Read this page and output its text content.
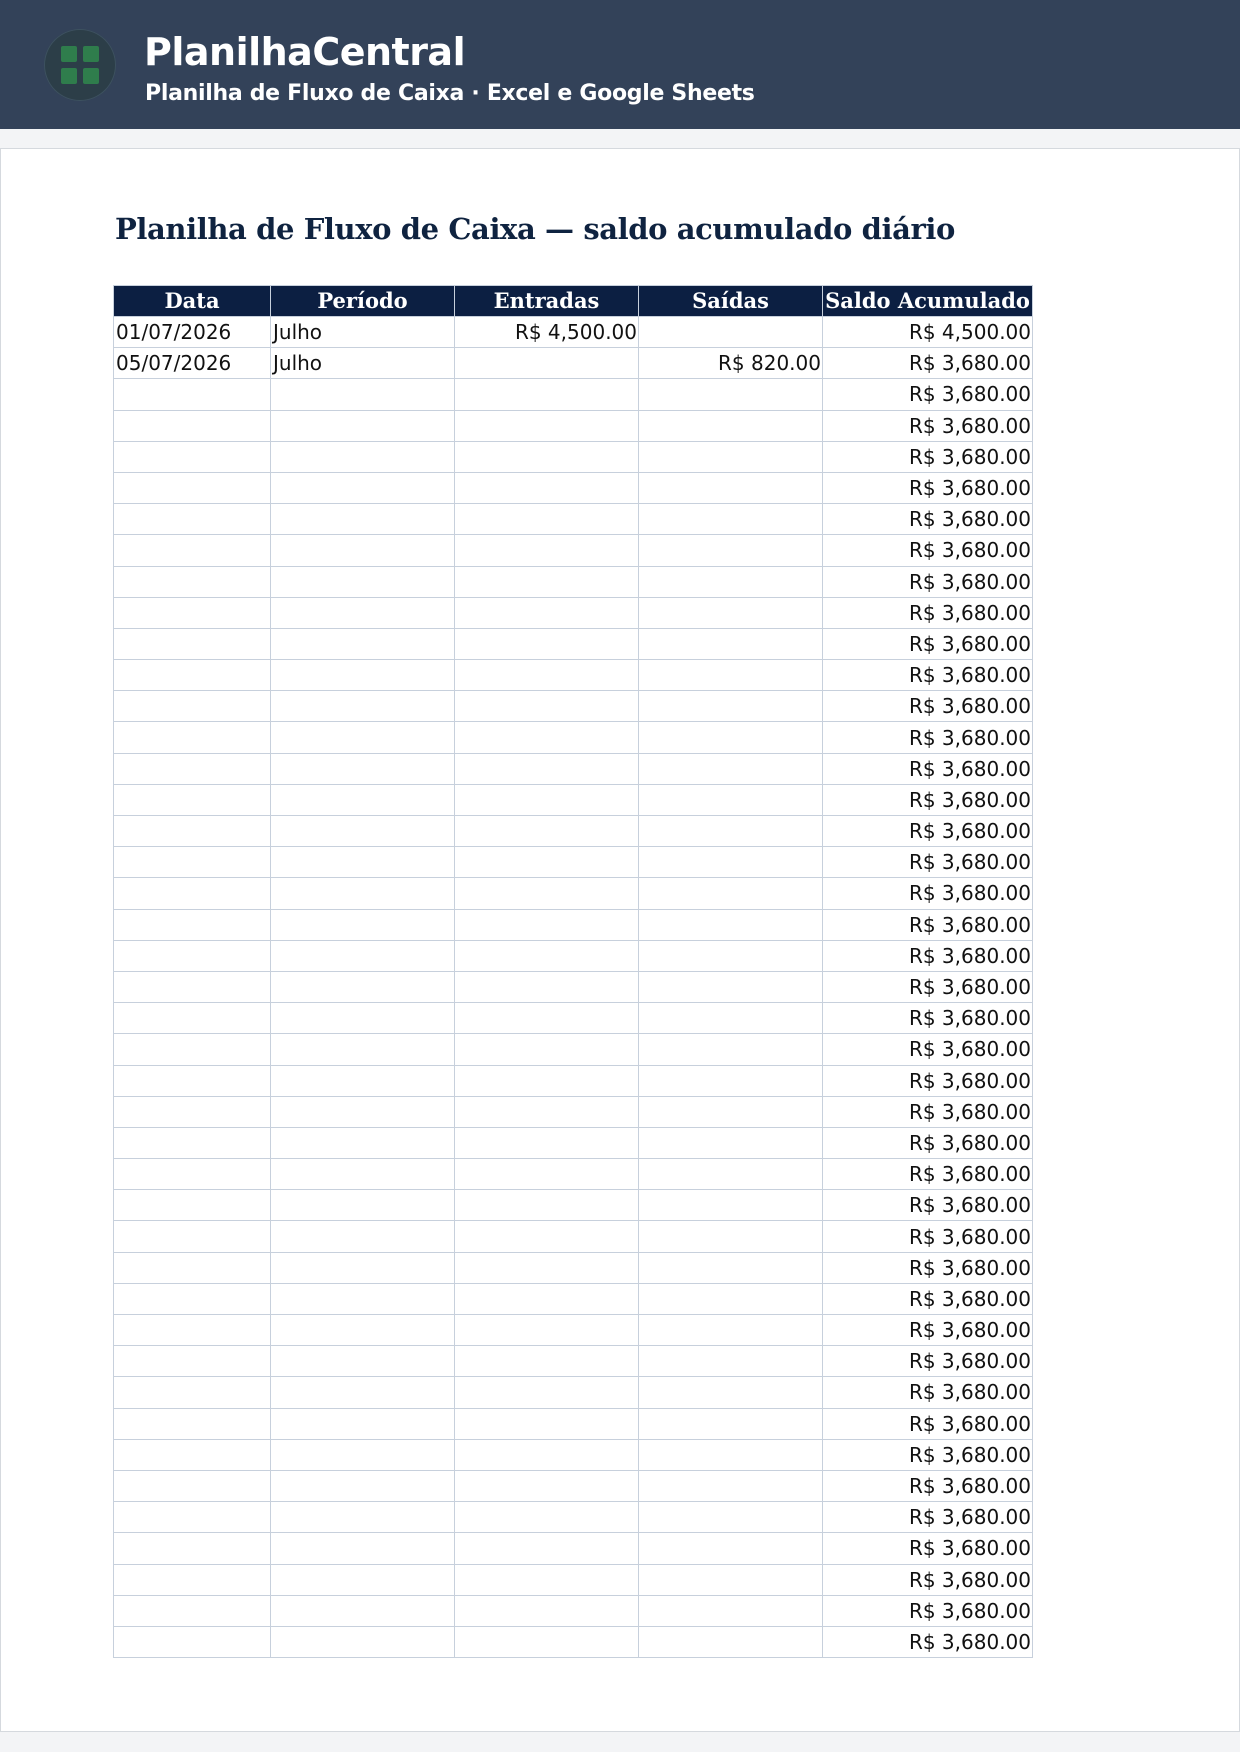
PlanilhaCentral
Planilha de Fluxo de Caixa · Excel e Google Sheets
Planilha de Fluxo de Caixa — saldo acumulado diário
Data	Período	Entradas	Saídas	Saldo Acumulado
01/07/2026	Julho	R$ 4,500.00		R$ 4,500.00
05/07/2026	Julho		R$ 820.00	R$ 3,680.00
				R$ 3,680.00
				R$ 3,680.00
				R$ 3,680.00
				R$ 3,680.00
				R$ 3,680.00
				R$ 3,680.00
				R$ 3,680.00
				R$ 3,680.00
				R$ 3,680.00
				R$ 3,680.00
				R$ 3,680.00
				R$ 3,680.00
				R$ 3,680.00
				R$ 3,680.00
				R$ 3,680.00
				R$ 3,680.00
				R$ 3,680.00
				R$ 3,680.00
				R$ 3,680.00
				R$ 3,680.00
				R$ 3,680.00
				R$ 3,680.00
				R$ 3,680.00
				R$ 3,680.00
				R$ 3,680.00
				R$ 3,680.00
				R$ 3,680.00
				R$ 3,680.00
				R$ 3,680.00
				R$ 3,680.00
				R$ 3,680.00
				R$ 3,680.00
				R$ 3,680.00
				R$ 3,680.00
				R$ 3,680.00
				R$ 3,680.00
				R$ 3,680.00
				R$ 3,680.00
				R$ 3,680.00
				R$ 3,680.00
				R$ 3,680.00
